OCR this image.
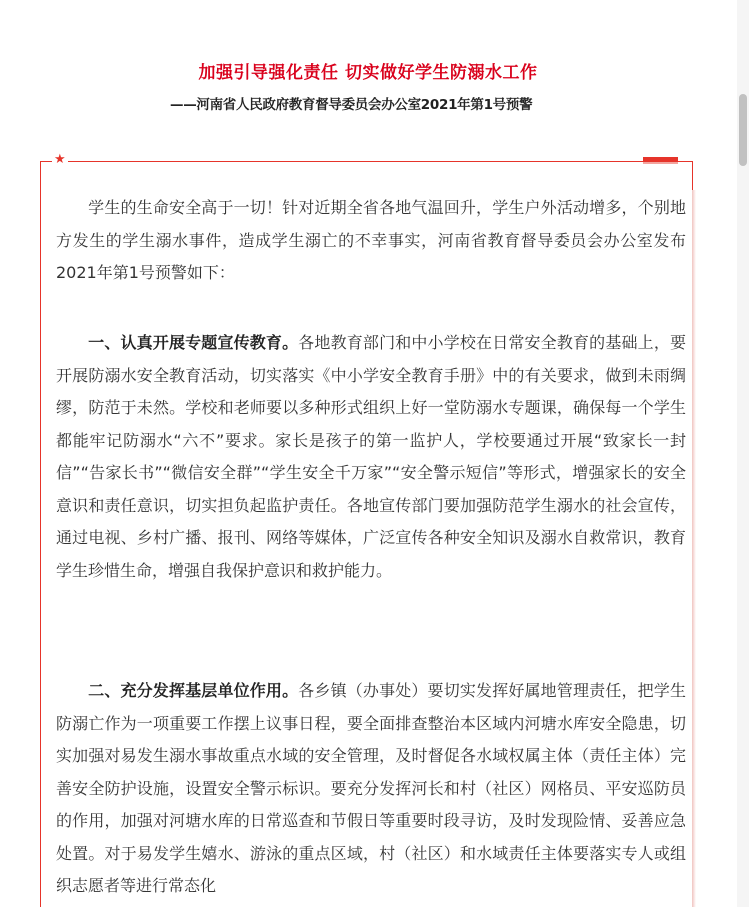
加强引导强化责任 切实做好学生防溺水工作
——河南省人民政府教育督导委员会办公室2021年第1号预警
★

学生的生命安全高于一切！针对近期全省各地气温回升，学生户外活动增多，个别地方发生的学生溺水事件，造成学生溺亡的不幸事实，河南省教育督导委员会办公室发布2021年第1号预警如下：

一、认真开展专题宣传教育。各地教育部门和中小学校在日常安全教育的基础上，要开展防溺水安全教育活动，切实落实《中小学安全教育手册》中的有关要求，做到未雨绸缪，防范于未然。学校和老师要以多种形式组织上好一堂防溺水专题课，确保每一个学生都能牢记防溺水“六不”要求。家长是孩子的第一监护人，学校要通过开展“致家长一封信”“告家长书”“微信安全群”“学生安全千万家”“安全警示短信”等形式，增强家长的安全意识和责任意识，切实担负起监护责任。各地宣传部门要加强防范学生溺水的社会宣传，通过电视、乡村广播、报刊、网络等媒体，广泛宣传各种安全知识及溺水自救常识，教育学生珍惜生命，增强自我保护意识和救护能力。

二、充分发挥基层单位作用。各乡镇（办事处）要切实发挥好属地管理责任，把学生防溺亡作为一项重要工作摆上议事日程，要全面排查整治本区域内河塘水库安全隐患，切实加强对易发生溺水事故重点水域的安全管理，及时督促各水域权属主体（责任主体）完善安全防护设施，设置安全警示标识。要充分发挥河长和村（社区）网格员、平安巡防员的作用，加强对河塘水库的日常巡查和节假日等重要时段寻访，及时发现险情、妥善应急处置。对于易发学生嬉水、游泳的重点区域，村（社区）和水域责任主体要落实专人或组织志愿者等进行常态化
